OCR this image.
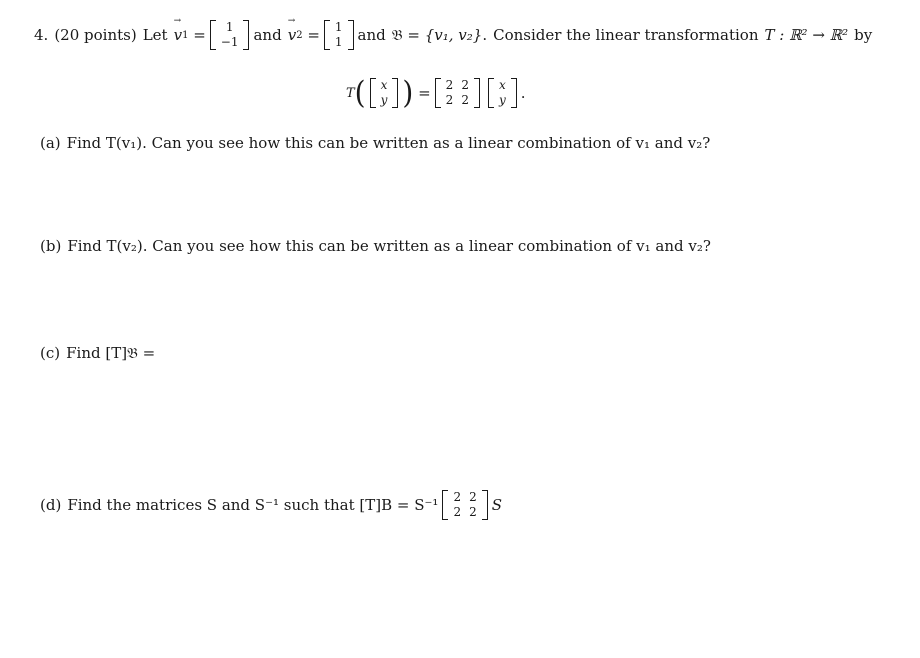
4. (20 points) Let → v 1 =	1
−1 and → v 2 = 1
1 and 𝔅 = {v₁, v₂} . Consider the linear transformation T : ℝ² → ℝ² by
T ( x
y ) = 2 2
2 2
x
y .
(a) Find T(v₁). Can you see how this can be written as a linear combination of v₁ and v₂?
(b) Find T(v₂). Can you see how this can be written as a linear combination of v₁ and v₂?
(c) Find [T]𝔅 =
(d) Find the matrices S and S⁻¹ such that [T]B = S⁻¹ 2 2
2 2 S
